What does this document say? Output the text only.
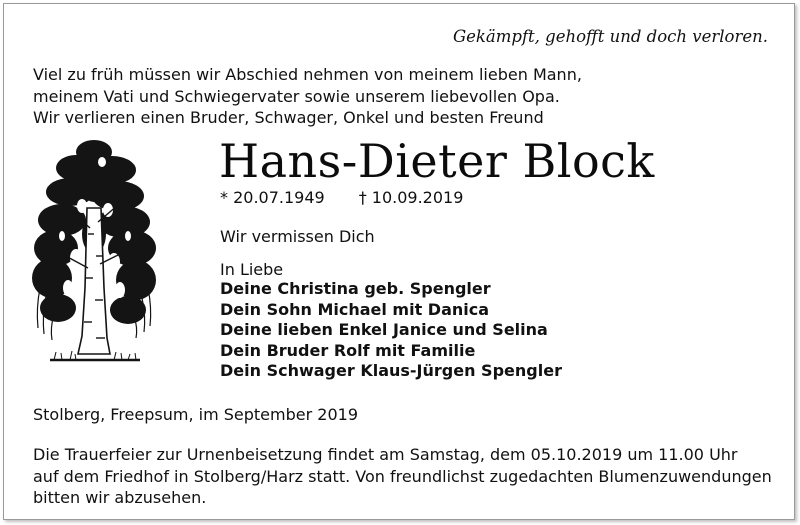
Gekämpft, gehofft und doch verloren.
Viel zu früh müssen wir Abschied nehmen von meinem lieben Mann,
meinem Vati und Schwiegervater sowie unserem liebevollen Opa.
Wir verlieren einen Bruder, Schwager, Onkel und besten Freund
Hans-Dieter Block
* 20.07.1949 † 10.09.2019
Wir vermissen Dich
In Liebe
Deine Christina geb. Spengler
Dein Sohn Michael mit Danica
Deine lieben Enkel Janice und Selina
Dein Bruder Rolf mit Familie
Dein Schwager Klaus-Jürgen Spengler
Stolberg, Freepsum, im September 2019
Die Trauerfeier zur Urnenbeisetzung findet am Samstag, dem 05.10.2019 um 11.00 Uhr
auf dem Friedhof in Stolberg/Harz statt. Von freundlichst zugedachten Blumenzuwendungen
bitten wir abzusehen.
